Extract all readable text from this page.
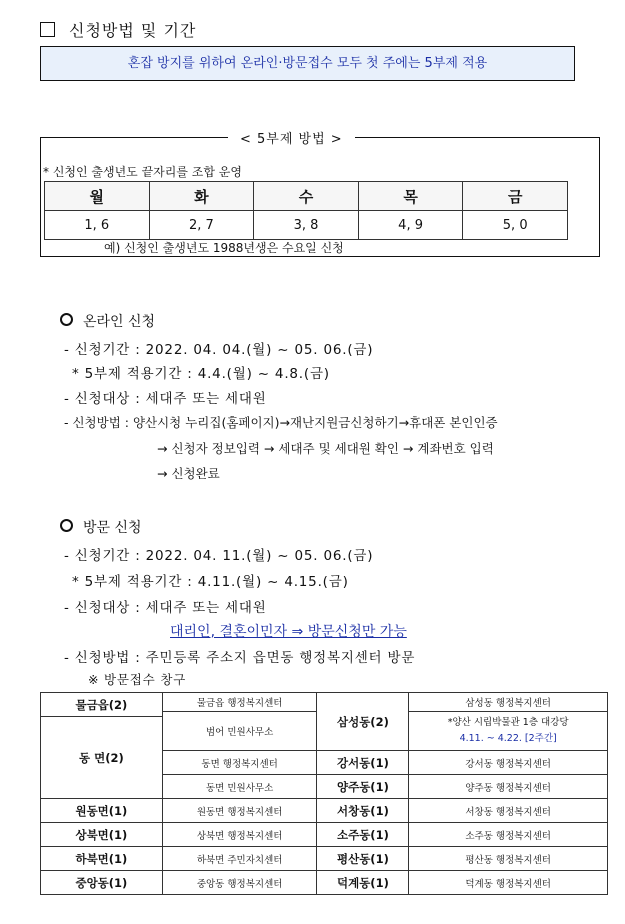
신청방법 및 기간
혼잡 방지를 위하여 온라인·방문접수 모두 첫 주에는 5부제 적용
< 5부제 방법 >
* 신청인 출생년도 끝자리를 조합 운영
월	화	수	목	금
1, 6	2, 7	3, 8	4, 9	5, 0
예) 신청인 출생년도 1988년생은 수요일 신청
온라인 신청
- 신청기간 : 2022. 04. 04.(월) ~ 05. 06.(금)
* 5부제 적용기간 : 4.4.(월) ~ 4.8.(금)
- 신청대상 : 세대주 또는 세대원
- 신청방법 : 양산시청 누리집(홈페이지)→재난지원금신청하기→휴대폰 본인인증
→ 신청자 정보입력 → 세대주 및 세대원 확인 → 계좌번호 입력
→ 신청완료
방문 신청
- 신청기간 : 2022. 04. 11.(월) ~ 05. 06.(금)
* 5부제 적용기간 : 4.11.(월) ~ 4.15.(금)
- 신청대상 : 세대주 또는 세대원
대리인, 결혼이민자 ⇒ 방문신청만 가능
- 신청방법 : 주민등록 주소지 읍면동 행정복지센터 방문
※ 방문접수 창구
물금읍(2)	물금읍 행정복지센터	삼성동(2)	삼성동 행정복지센터
	범어 민원사무소		*양산 시립박물관 1층 대강당
4.11. ~ 4.22. [2주간]

동 면(2)			
	동면 행정복지센터	강서동(1)	강서동 행정복지센터
	동면 민원사무소	양주동(1)	양주동 행정복지센터
원동면(1)	원동면 행정복지센터	서창동(1)	서창동 행정복지센터
상북면(1)	상북면 행정복지센터	소주동(1)	소주동 행정복지센터
하북면(1)	하북면 주민자치센터	평산동(1)	평산동 행정복지센터
중앙동(1)	중앙동 행정복지센터	덕계동(1)	덕계동 행정복지센터
